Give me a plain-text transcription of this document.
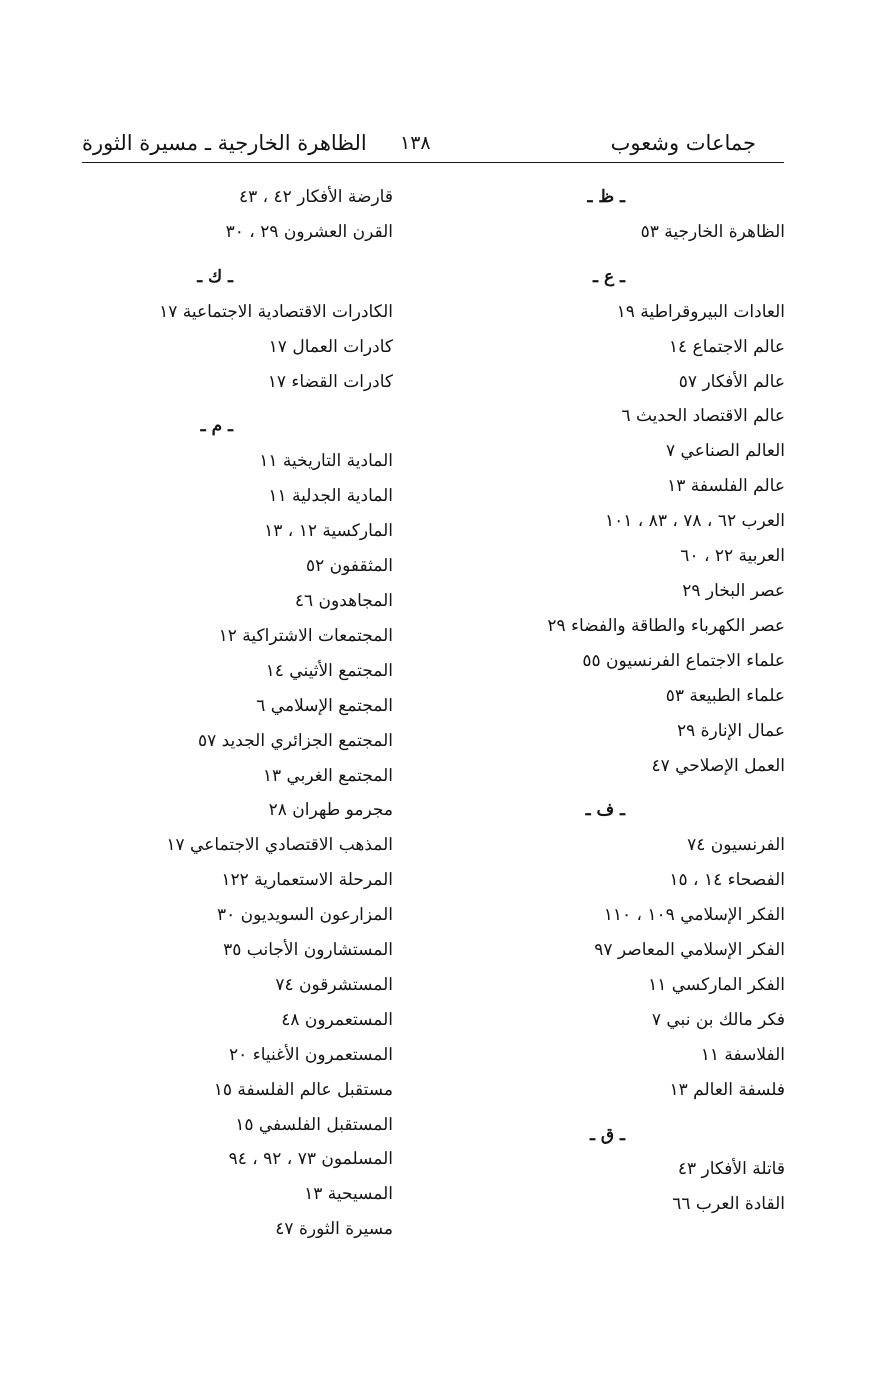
جماعات وشعوب
١٣٨
الظاهرة الخارجية ـ مسيرة الثورة
ـ ظ ـ
الظاهرة الخارجية ٥٣
ـ ع ـ
العادات البيروقراطية ١٩
عالم الاجتماع ١٤
عالم الأفكار ٥٧
عالم الاقتصاد الحديث ٦
العالم الصناعي ٧
عالم الفلسفة ١٣
العرب ٦٢ ، ٧٨ ، ٨٣ ، ١٠١
العربية ٢٢ ، ٦٠
عصر البخار ٢٩
عصر الكهرباء والطاقة والفضاء ٢٩
علماء الاجتماع الفرنسيون ٥٥
علماء الطبيعة ٥٣
عمال الإنارة ٢٩
العمل الإصلاحي ٤٧
ـ ف ـ
الفرنسيون ٧٤
الفصحاء ١٤ ، ١٥
الفكر الإسلامي ١٠٩ ، ١١٠
الفكر الإسلامي المعاصر ٩٧
الفكر الماركسي ١١
فكر مالك بن نبي ٧
الفلاسفة ١١
فلسفة العالم ١٣
ـ ق ـ
قاتلة الأفكار ٤٣
القادة العرب ٦٦
قارضة الأفكار ٤٢ ، ٤٣
القرن العشرون ٢٩ ، ٣٠
ـ ك ـ
الكادرات الاقتصادية الاجتماعية ١٧
كادرات العمال ١٧
كادرات القضاء ١٧
ـ م ـ
المادية التاريخية ١١
المادية الجدلية ١١
الماركسية ١٢ ، ١٣
المثقفون ٥٢
المجاهدون ٤٦
المجتمعات الاشتراكية ١٢
المجتمع الأثيني ١٤
المجتمع الإسلامي ٦
المجتمع الجزائري الجديد ٥٧
المجتمع الغربي ١٣
مجرمو طهران ٢٨
المذهب الاقتصادي الاجتماعي ١٧
المرحلة الاستعمارية ١٢٢
المزارعون السويديون ٣٠
المستشارون الأجانب ٣٥
المستشرقون ٧٤
المستعمرون ٤٨
المستعمرون الأغنياء ٢٠
مستقبل عالم الفلسفة ١٥
المستقبل الفلسفي ١٥
المسلمون ٧٣ ، ٩٢ ، ٩٤
المسيحية ١٣
مسيرة الثورة ٤٧
